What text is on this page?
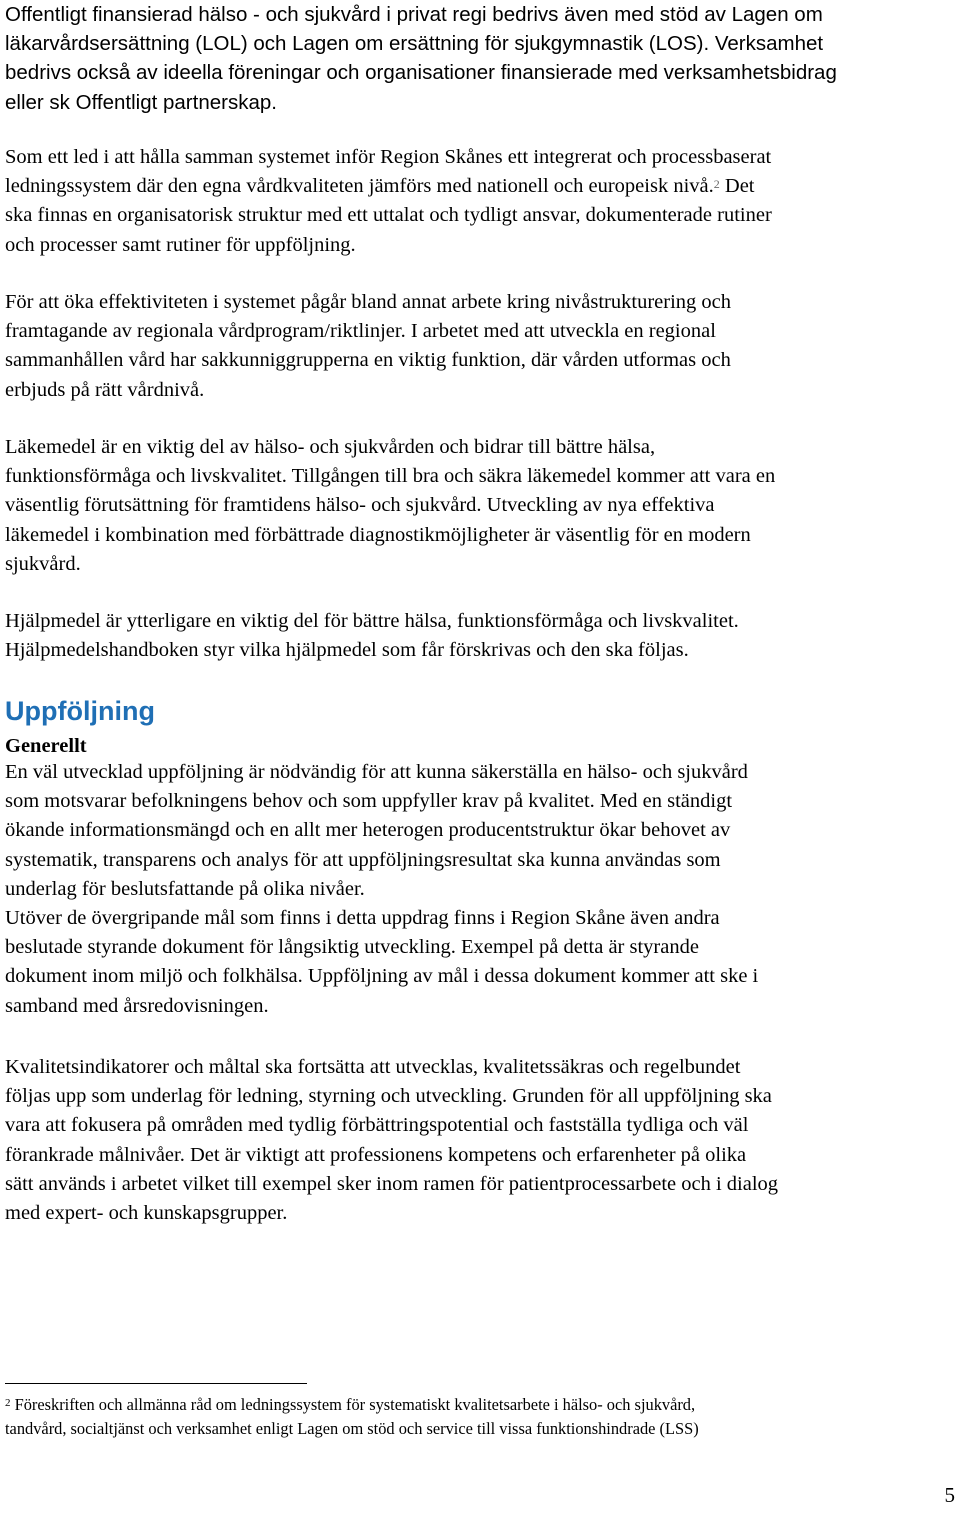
Offentligt finansierad hälso - och sjukvård i privat regi bedrivs även med stöd av Lagen om
läkarvårdsersättning (LOL) och Lagen om ersättning för sjukgymnastik (LOS). Verksamhet
bedrivs också av ideella föreningar och organisationer finansierade med verksamhetsbidrag
eller sk Offentligt partnerskap.
Som ett led i att hålla samman systemet inför Region Skånes ett integrerat och processbaserat
ledningssystem där den egna vårdkvaliteten jämförs med nationell och europeisk nivå.$^2$ Det
ska finnas en organisatorisk struktur med ett uttalat och tydligt ansvar, dokumenterade rutiner
och processer samt rutiner för uppföljning.
För att öka effektiviteten i systemet pågår bland annat arbete kring nivåstrukturering och
framtagande av regionala vårdprogram/riktlinjer. I arbetet med att utveckla en regional
sammanhållen vård har sakkunniggrupperna en viktig funktion, där vården utformas och
erbjuds på rätt vårdnivå.
Läkemedel är en viktig del av hälso- och sjukvården och bidrar till bättre hälsa,
funktionsförmåga och livskvalitet. Tillgången till bra och säkra läkemedel kommer att vara en
väsentlig förutsättning för framtidens hälso- och sjukvård. Utveckling av nya effektiva
läkemedel i kombination med förbättrade diagnostikmöjligheter är väsentlig för en modern
sjukvård.
Hjälpmedel är ytterligare en viktig del för bättre hälsa, funktionsförmåga och livskvalitet.
Hjälpmedelshandboken styr vilka hjälpmedel som får förskrivas och den ska följas.
Uppföljning
Generellt
En väl utvecklad uppföljning är nödvändig för att kunna säkerställa en hälso- och sjukvård
som motsvarar befolkningens behov och som uppfyller krav på kvalitet. Med en ständigt
ökande informationsmängd och en allt mer heterogen producentstruktur ökar behovet av
systematik, transparens och analys för att uppföljningsresultat ska kunna användas som
underlag för beslutsfattande på olika nivåer.
Utöver de övergripande mål som finns i detta uppdrag finns i Region Skåne även andra
beslutade styrande dokument för långsiktig utveckling. Exempel på detta är styrande
dokument inom miljö och folkhälsa. Uppföljning av mål i dessa dokument kommer att ske i
samband med årsredovisningen.
Kvalitetsindikatorer och måltal ska fortsätta att utvecklas, kvalitetssäkras och regelbundet
följas upp som underlag för ledning, styrning och utveckling. Grunden för all uppföljning ska
vara att fokusera på områden med tydlig förbättringspotential och fastställa tydliga och väl
förankrade målnivåer. Det är viktigt att professionens kompetens och erfarenheter på olika
sätt används i arbetet vilket till exempel sker inom ramen för patientprocessarbete och i dialog
med expert- och kunskapsgrupper.
$^2$ Föreskriften och allmänna råd om ledningssystem för systematiskt kvalitetsarbete i hälso- och sjukvård,
tandvård, socialtjänst och verksamhet enligt Lagen om stöd och service till vissa funktionshindrade (LSS)
5
